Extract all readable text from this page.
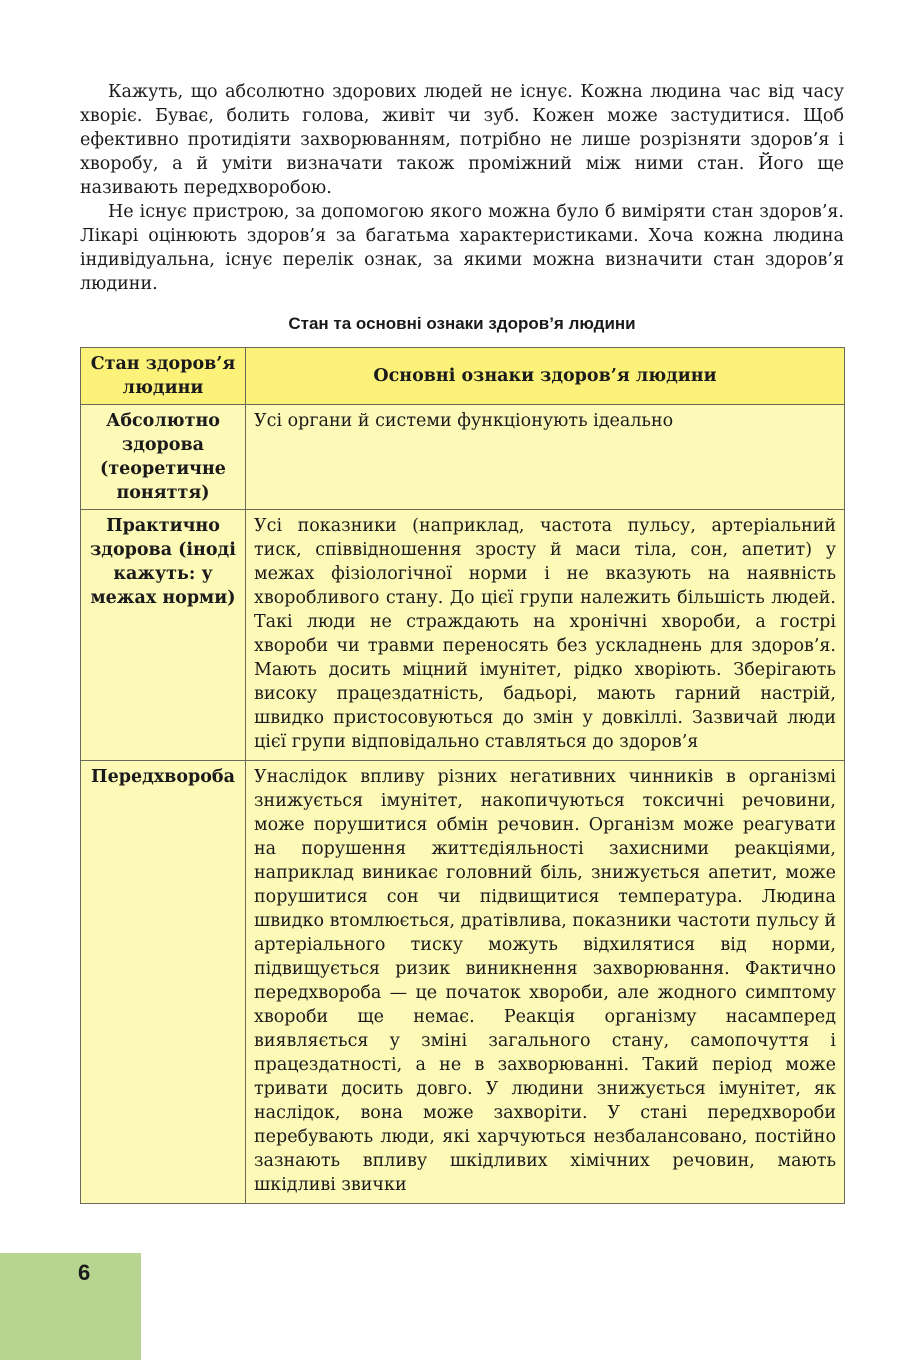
Кажуть, що абсолютно здорових людей не існує. Кожна людина час від часу хворіє. Буває, болить голова, живіт чи зуб. Кожен може застудитися. Щоб ефективно протидіяти захворюванням, потрібно не лише розрізняти здоров’я і хворобу, а й уміти визначати також проміжний між ними стан. Його ще називають передхворобою.

Не існує пристрою, за допомогою якого можна було б виміряти стан здоров’я. Лікарі оцінюють здоров’я за багатьма характеристиками. Хоча кожна людина індивідуальна, існує перелік ознак, за якими можна визначити стан здоров’я людини.

Стан та основні ознаки здоров’я людини
Стан здоров’я людини	Основні ознаки здоров’я людини
Абсолютно здорова (теоретичне поняття)	Усі органи й системи функціонують ідеально
Практично здорова (іноді кажуть: у межах норми)	Усі показники (наприклад, частота пульсу, артеріальний тиск, співвідношення зросту й маси тіла, сон, апетит) у межах фізіологічної норми і не вказують на наявність хворобливого стану. До цієї групи належить більшість людей. Такі люди не страждають на хронічні хвороби, а гострі хвороби чи травми переносять без ускладнень для здоров’я. Мають досить міцний імунітет, рідко хворіють. Зберігають високу працездатність, бадьорі, мають гарний настрій, швидко пристосовуються до змін у довкіллі. Зазвичай люди цієї групи відповідально ставляться до здоров’я
Передхвороба	Унаслідок впливу різних негативних чинників в організмі знижується імунітет, накопичуються токсичні речовини, може порушитися обмін речовин. Організм може реагувати на порушення життєдіяльності захисними реакціями, наприклад виникає головний біль, знижується апетит, може порушитися сон чи підвищитися температура. Людина швидко втомлюється, дратівлива, показники частоти пульсу й артеріального тиску можуть відхилятися від норми, підвищується ризик виникнення захворювання. Фактично передхвороба — це початок хвороби, але жодного симптому хвороби ще немає. Реакція організму насамперед виявляється у зміні загального стану, самопочуття і працездатності, а не в захворюванні. Такий період може тривати досить довго. У людини знижується імунітет, як наслідок, вона може захворіти. У стані передхвороби перебувають люди, які харчуються незбалансовано, постійно зазнають впливу шкідливих хімічних речовин, мають шкідливі звички
6
